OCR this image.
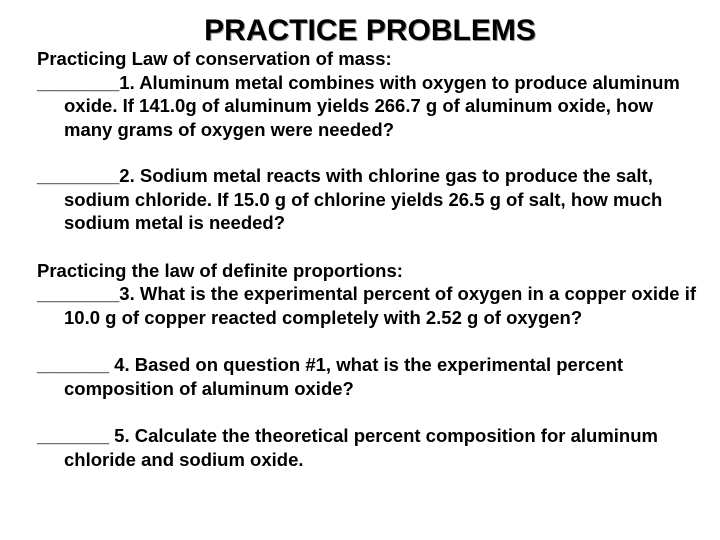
PRACTICE PROBLEMS
Practicing Law of conservation of mass:
________1. Aluminum metal combines with oxygen to produce aluminum oxide. If 141.0g of aluminum yields 266.7 g of aluminum oxide, how many grams of oxygen were needed?
________2. Sodium metal reacts with chlorine gas to produce the salt, sodium chloride. If 15.0 g of chlorine yields 26.5 g of salt, how much sodium metal is needed?
Practicing the law of definite proportions:
________3. What is the experimental percent of oxygen in a copper oxide if 10.0 g of copper reacted completely with 2.52 g of oxygen?
_______ 4. Based on question #1, what is the experimental percent composition of aluminum oxide?
_______ 5. Calculate the theoretical percent composition for aluminum chloride and sodium oxide.
